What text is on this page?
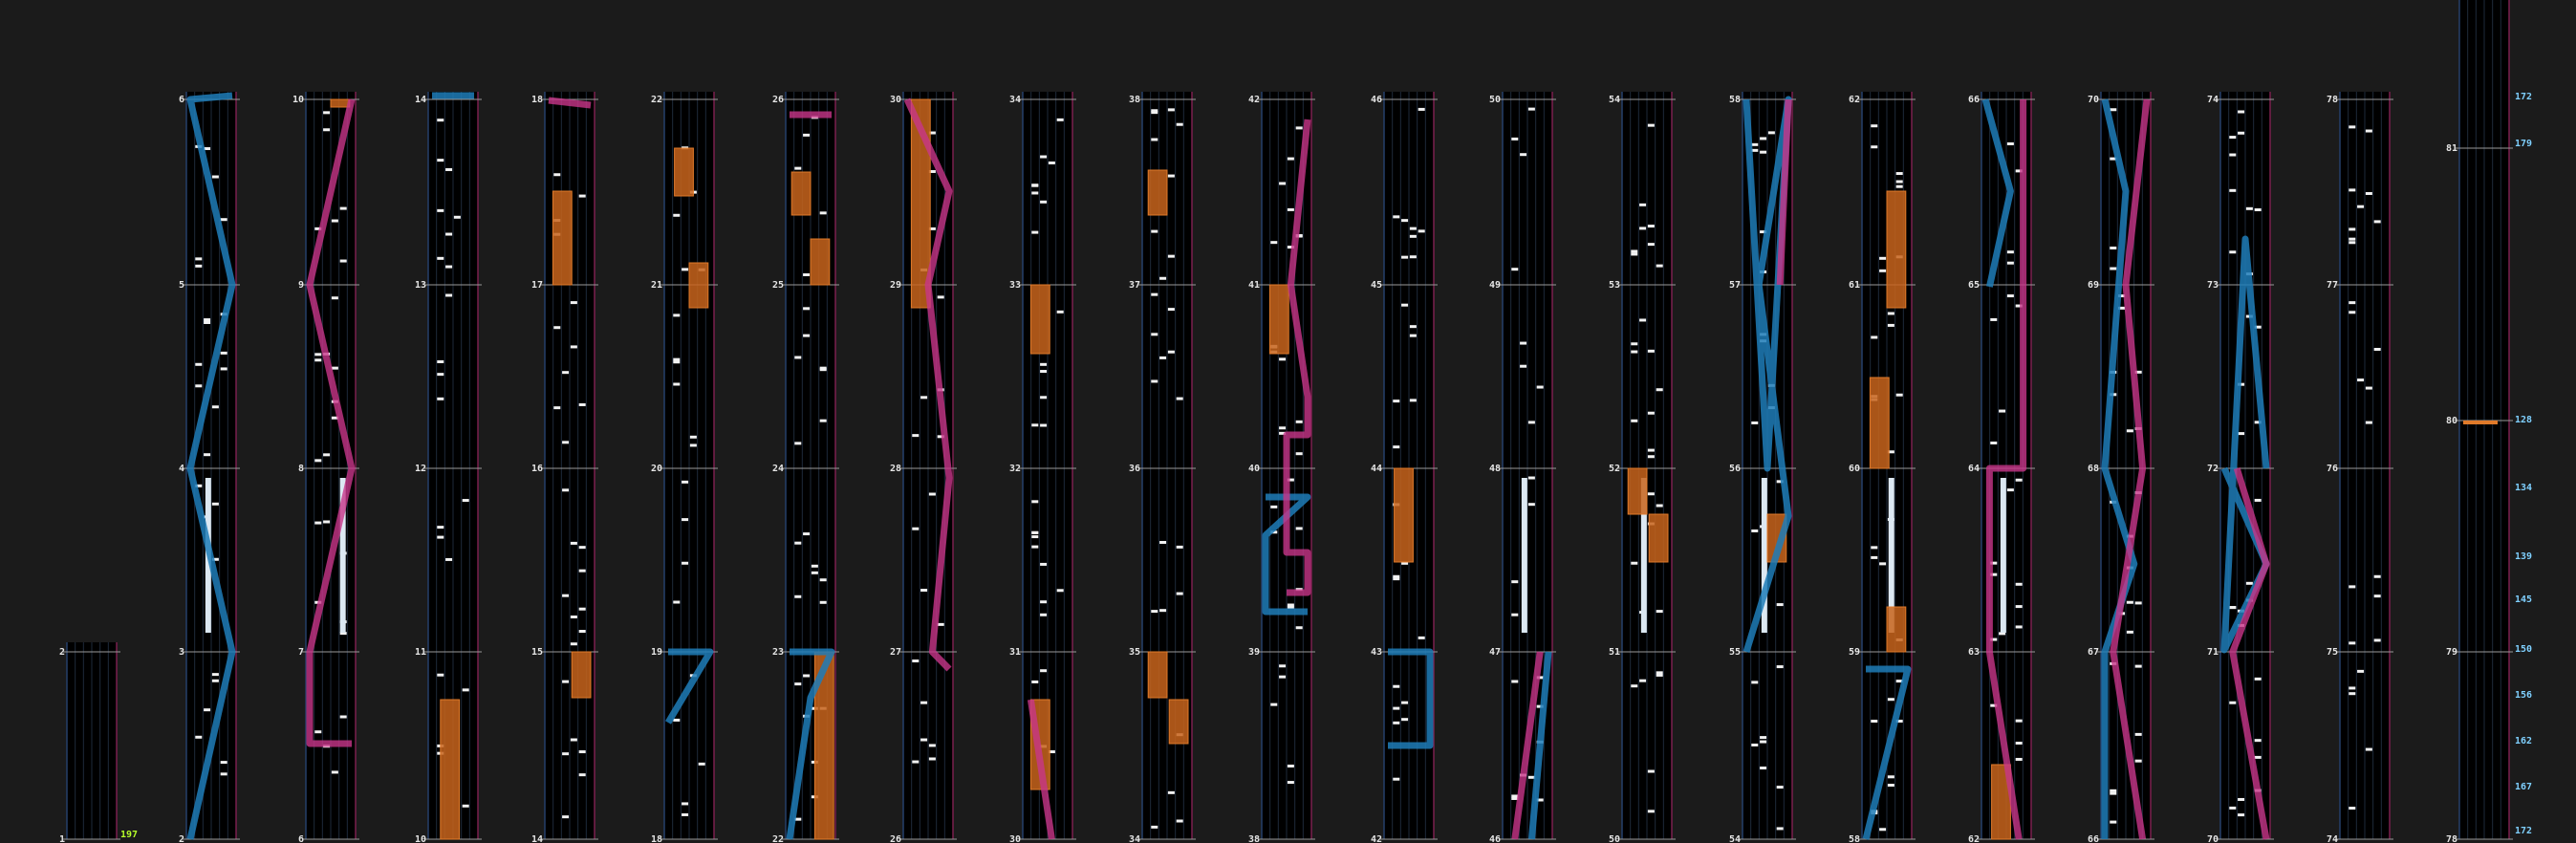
1
2
2
3
4
5
6
6
7
8
9
10
10
11
12
13
14
14
15
16
17
18
18
19
20
21
22
22
23
24
25
26
26
27
28
29
30
30
31
32
33
34
34
35
36
37
38
38
39
40
41
42
42
43
44
45
46
46
47
48
49
50
50
51
52
53
54
54
55
56
57
58
58
59
60
61
62
62
63
64
65
66
66
67
68
69
70
70
71
72
73
74
74
75
76
77
78
78
79
80
81
172
179
128
134
139
145
150
156
162
167
172
197
